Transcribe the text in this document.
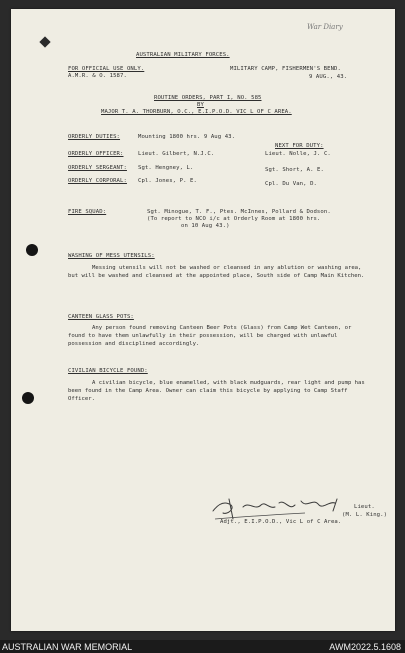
War Diary
AUSTRALIAN MILITARY FORCES.
FOR OFFICIAL USE ONLY.
A.M.R. & O. 1587.
MILITARY CAMP, FISHERMEN'S BEND.
9 AUG., 43.
ROUTINE ORDERS, PART I, NO. 585
BY
MAJOR T. A. THORBURN, O.C., E.I.P.O.D. VIC L OF C AREA.
ORDERLY DUTIES:	Mounting 1800 hrs. 9 Aug 43.
NEXT FOR DUTY:
ORDERLY OFFICER:	Lieut. Gilbert, N.J.C.	Lieut. Nolle, J. C.
ORDERLY SERGEANT: Sgt. Hengney, L.	Sgt. Short, A. E.
ORDERLY CORPORAL: Cpl. Jones, P. E.	Cpl. Du Van, D.
FIRE SQUAD:	Sgt. Minogue, T. F., Ptes. McInnes, Pollard & Dodson.
(To report to NCO i/c at Orderly Room at 1800 hrs.
on 10 Aug 43.)
WASHING OF MESS UTENSILS:
Messing utensils will not be washed or cleansed in any ablution or washing area, but will be washed and cleansed at the appointed place, South side of Camp Main Kitchen.
CANTEEN GLASS POTS:
Any person found removing Canteen Beer Pots (Glass) from Camp Wet Canteen, or found to have them unlawfully in their possession, will be charged with unlawful possession and disciplined accordingly.
CIVILIAN BICYCLE FOUND:
A civilian bicycle, blue enamelled, with black mudguards, rear light and pump has been found in the Camp Area. Owner can claim this bicycle by applying to Camp Staff Officer.
Lieut.
(M. L. King.)
Adjt., E.I.P.O.D., Vic L of C Area.
AUSTRALIAN WAR MEMORIAL	AWM2022.5.1608
